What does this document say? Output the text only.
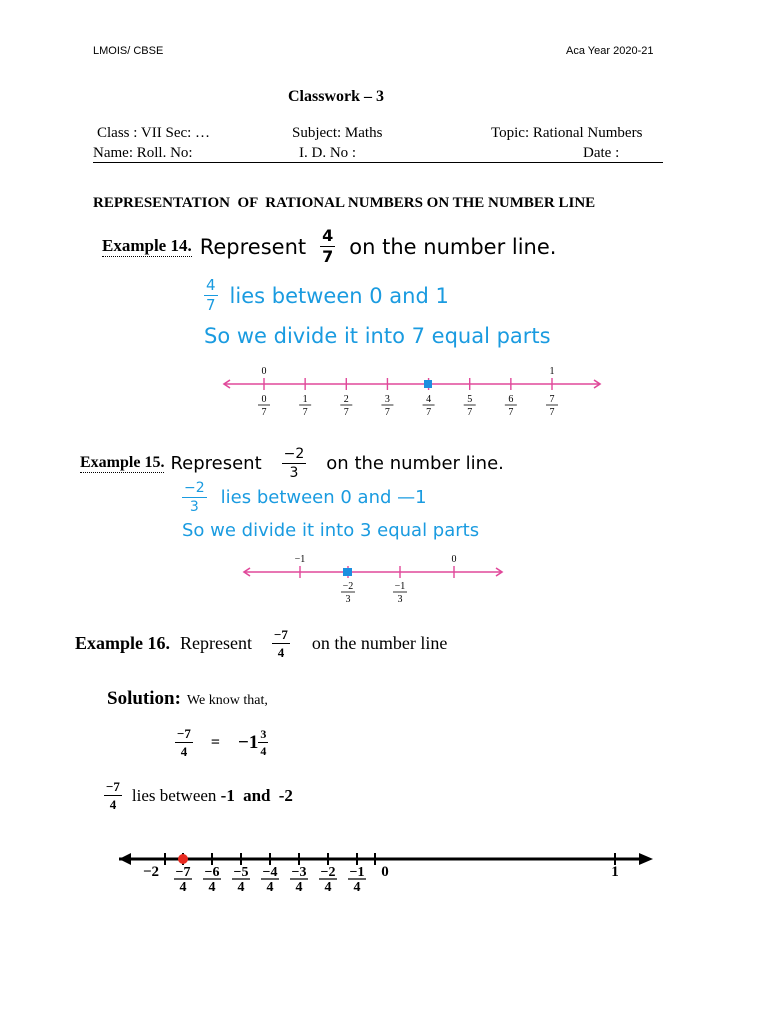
LMOIS/ CBSE	Aca Year 2020-21
Classwork – 3
Class : VII Sec: …	Subject: Maths	Topic: Rational Numbers
Name: Roll. No:	I. D. No :	Date :
REPRESENTATION  OF  RATIONAL NUMBERS ON THE NUMBER LINE
Example 14. Represent $\frac{4}{7}$ on the number line.
$\frac{4}{7}$ lies between 0 and 1
So we divide it into 7 equal parts
0	1
0
7
1
7
2
7
3
7
4
7
5
7
6
7
7
7
Example 15. Represent $\frac{-2}{3}$ on the number line.
$\frac{-2}{3}$ lies between 0 and —1
So we divide it into 3 equal parts
−1	0
−2
3
−1
3
Example 16. Represent $\frac{-7}{4}$ on the number line
Solution: We know that,
$\frac{-7}{4} = -1 \frac{3}{4}$
$\frac{-7}{4}$ lies between -1 and -2
−7
4
−6
4
−5
4
−4
4
−3
4
−2
4
−1
4
−2	0	1
